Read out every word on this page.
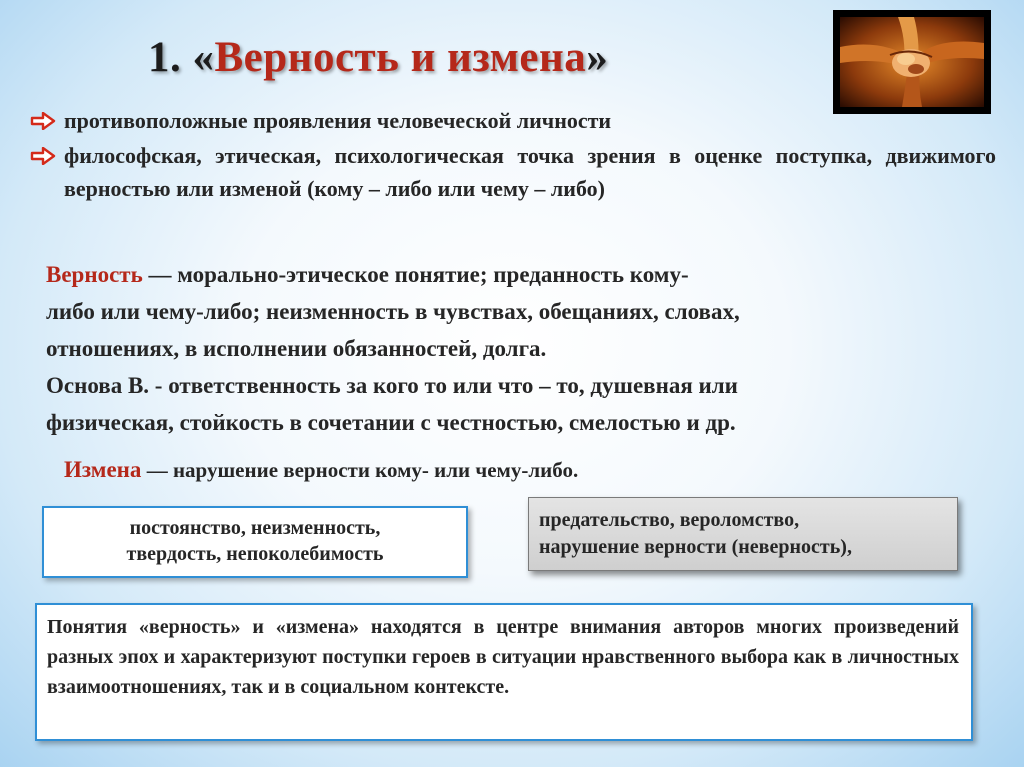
1. «Верность и измена»
противоположные проявления человеческой личности
философская, этическая, психологическая точка зрения в оценке поступка, движимого верностью или изменой (кому – либо или чему – либо)

Верность — морально-этическое понятие; преданность кому-

либо или чему-либо; неизменность в чувствах, обещаниях, словах,

отношениях, в исполнении обязанностей, долга.

Основа В. - ответственность за кого то или что – то, душевная или

физическая, стойкость в сочетании с честностью, смелостью и др.

Измена — нарушение верности кому- или чему-либо.
постоянство, неизменность,
твердость, непоколебимость
предательство, вероломство,
нарушение верности (неверность),
Понятия «верность» и «измена» находятся в центре внимания авторов многих произведений разных эпох и характеризуют поступки героев в ситуации нравственного выбора как в личностных взаимоотношениях, так и в социальном контексте.
